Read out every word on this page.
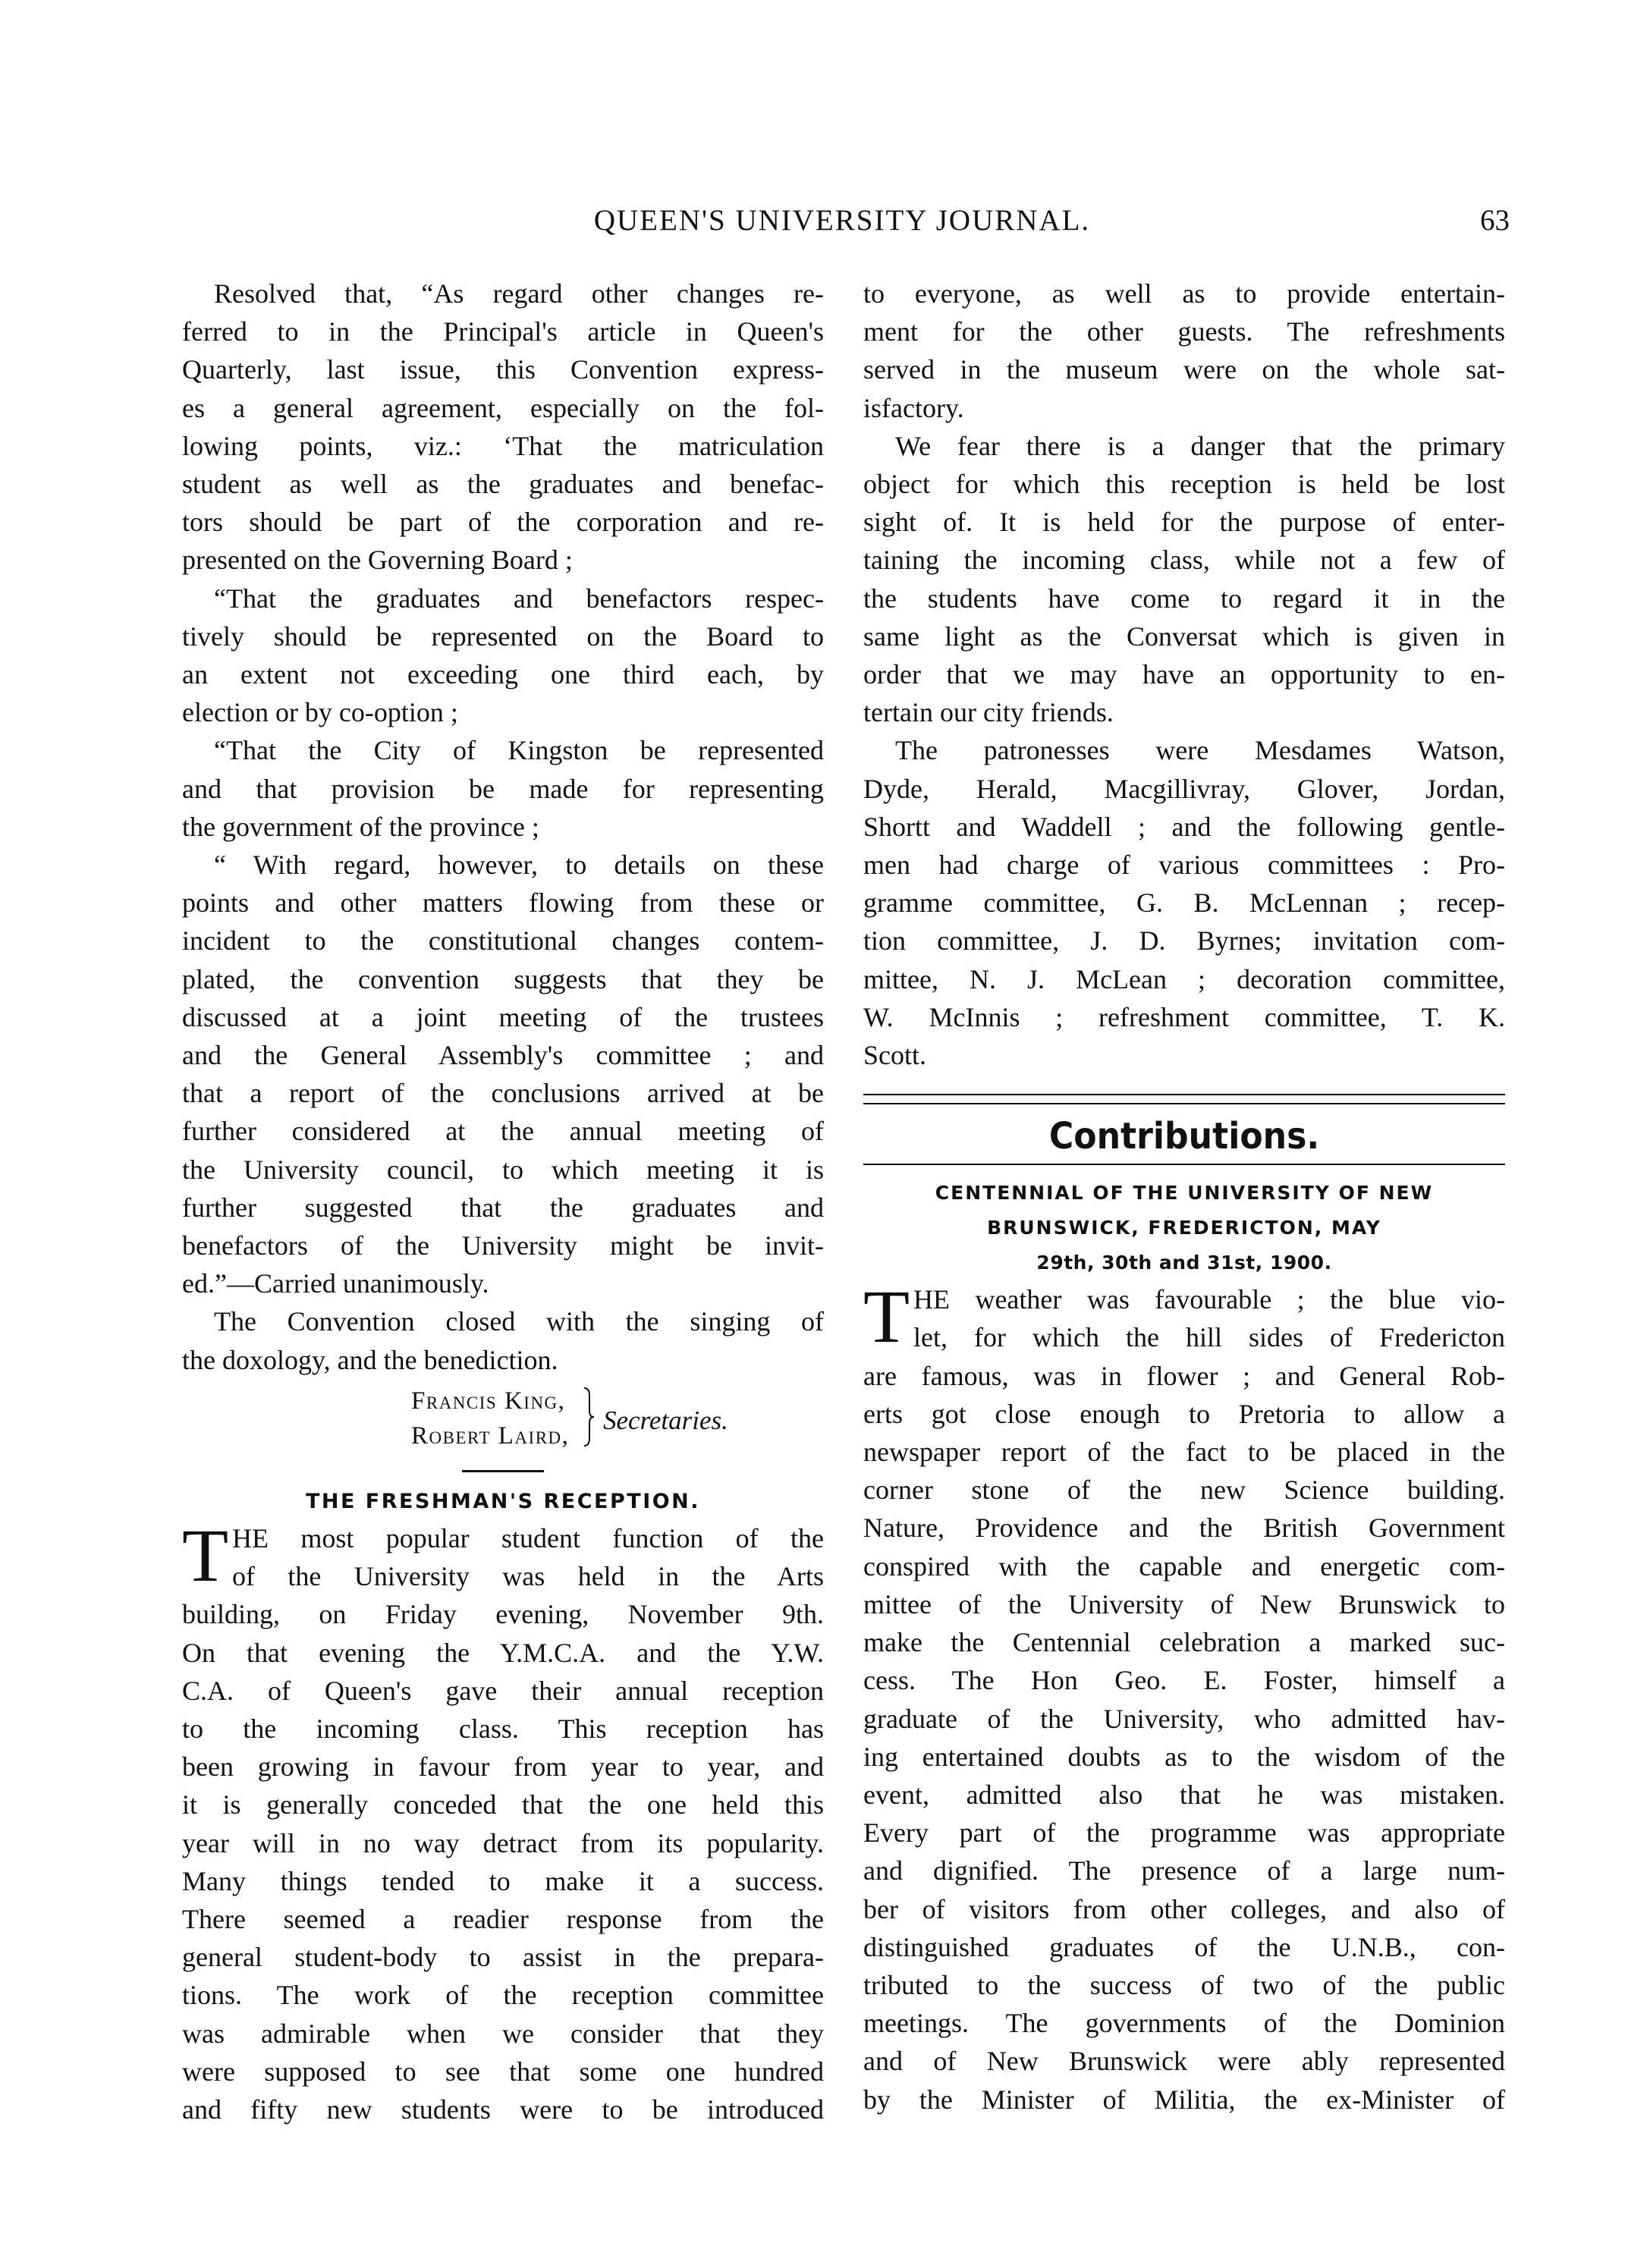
QUEEN'S UNIVERSITY JOURNAL.	63

Resolved that, “As regard other changes re-
ferred to in the Principal's article in Queen's
Quarterly, last issue, this Convention express-
es a general agreement, especially on the fol-
lowing points, viz.: ‘That the matriculation
student as well as the graduates and benefac-
tors should be part of the corporation and re-
presented on the Governing Board ;

“That the graduates and benefactors respec-
tively should be represented on the Board to
an extent not exceeding one third each, by
election or by co-option ;

“That the City of Kingston be represented
and that provision be made for representing
the government of the province ;

“ With regard, however, to details on these
points and other matters flowing from these or
incident to the constitutional changes contem-
plated, the convention suggests that they be
discussed at a joint meeting of the trustees
and the General Assembly's committee ; and
that a report of the conclusions arrived at be
further considered at the annual meeting of
the University council, to which meeting it is
further suggested that the graduates and
benefactors of the University might be invit-
ed.”—Carried unanimously.

The Convention closed with the singing of
the doxology, and the benediction.

Francis King,
Robert Laird,
Secretaries.
THE FRESHMAN'S RECEPTION.
T HE most popular student function of the
of the University was held in the Arts
building, on Friday evening, November 9th.
On that evening the Y.M.C.A. and the Y.W.
C.A. of Queen's gave their annual reception
to the incoming class. This reception has
been growing in favour from year to year, and
it is generally conceded that the one held this
year will in no way detract from its popularity.
Many things tended to make it a success.
There seemed a readier response from the
general student-body to assist in the prepara-
tions. The work of the reception committee
was admirable when we consider that they
were supposed to see that some one hundred
and fifty new students were to be introduced

to everyone, as well as to provide entertain-
ment for the other guests. The refreshments
served in the museum were on the whole sat-
isfactory.

We fear there is a danger that the primary
object for which this reception is held be lost
sight of. It is held for the purpose of enter-
taining the incoming class, while not a few of
the students have come to regard it in the
same light as the Conversat which is given in
order that we may have an opportunity to en-
tertain our city friends.

The patronesses were Mesdames Watson,
Dyde, Herald, Macgillivray, Glover, Jordan,
Shortt and Waddell ; and the following gentle-
men had charge of various committees : Pro-
gramme committee, G. B. McLennan ; recep-
tion committee, J. D. Byrnes; invitation com-
mittee, N. J. McLean ; decoration committee,
W. McInnis ; refreshment committee, T. K.
Scott.

Contributions.
CENTENNIAL OF THE UNIVERSITY OF NEW
BRUNSWICK, FREDERICTON, MAY
29th, 30th and 31st, 1900.
T HE weather was favourable ; the blue vio-
let, for which the hill sides of Fredericton
are famous, was in flower ; and General Rob-
erts got close enough to Pretoria to allow a
newspaper report of the fact to be placed in the
corner stone of the new Science building.
Nature, Providence and the British Government
conspired with the capable and energetic com-
mittee of the University of New Brunswick to
make the Centennial celebration a marked suc-
cess. The Hon Geo. E. Foster, himself a
graduate of the University, who admitted hav-
ing entertained doubts as to the wisdom of the
event, admitted also that he was mistaken.
Every part of the programme was appropriate
and dignified. The presence of a large num-
ber of visitors from other colleges, and also of
distinguished graduates of the U.N.B., con-
tributed to the success of two of the public
meetings. The governments of the Dominion
and of New Brunswick were ably represented
by the Minister of Militia, the ex-Minister of
